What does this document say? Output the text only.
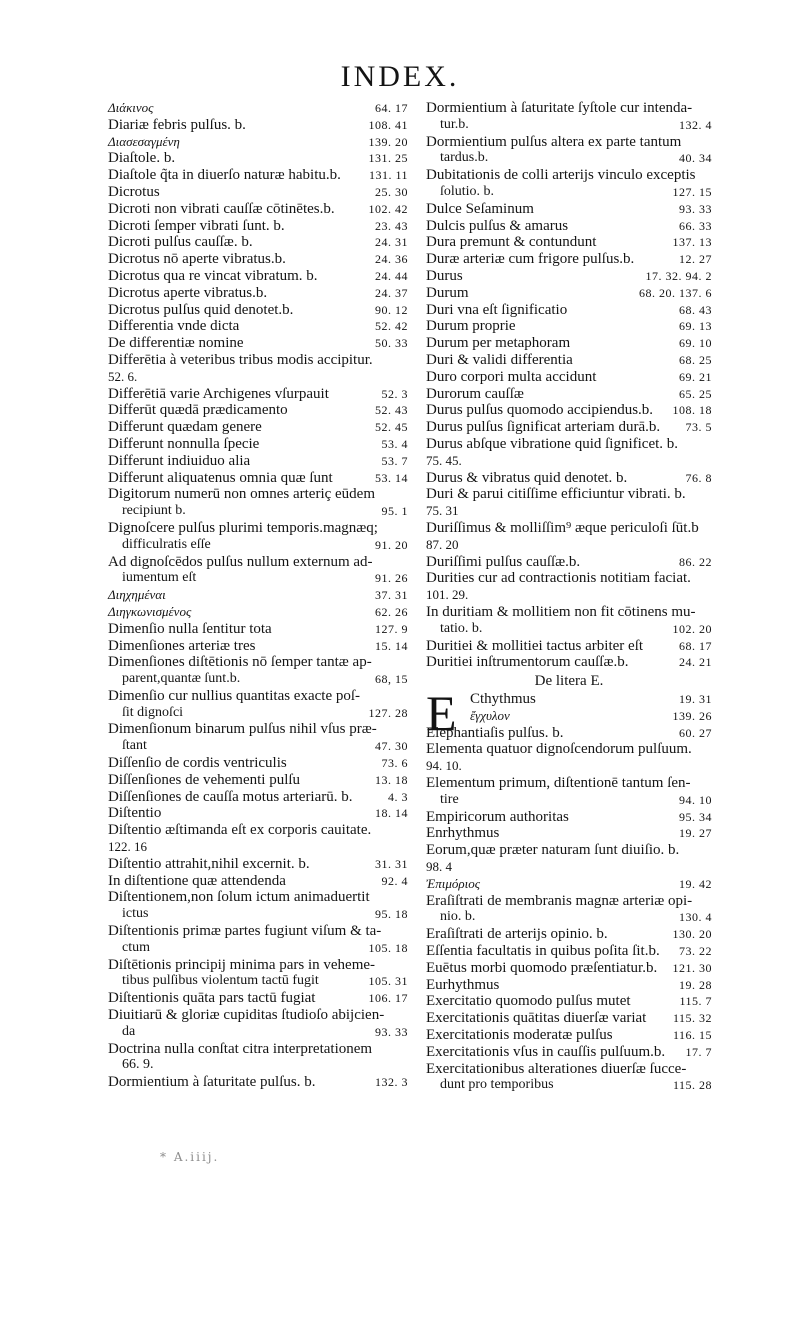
INDEX.
Διάκινος	64. 17
Diariæ febris pulſus. b.	108. 41
Διασεσαγμένη	139. 20
Diaſtole. b.	131. 25
Diaſtole q̃ta in diuerſo naturæ habitu.b. 131. 11
Dicrotus	25. 30
Dicroti non vibrati cauſſæ cōtinētes.b.	102. 42
Dicroti ſemper vibrati ſunt. b.	23. 43
Dicroti pulſus cauſſæ. b.	24. 31
Dicrotus nō aperte vibratus.b.	24. 36
Dicrotus qua re vincat vibratum. b.	24. 44
Dicrotus aperte vibratus.b.	24. 37
Dicrotus pulſus quid denotet.b.	90. 12
Differentia vnde dicta	52. 42
De differentiæ nomine	50. 33
Differētia à veteribus tribus modis accipitur.
52. 6.
Differētiā varie Archigenes vſurpauit	52. 3
Differūt quædā prædicamento	52. 43
Differunt quædam genere	52. 45
Differunt nonnulla ſpecie	53. 4
Differunt indiuiduo alia	53. 7
Differunt aliquatenus omnia quæ ſunt	53. 14
Digitorum numerū non omnes arteriç eūdem
recipiunt b.	95. 1
Dignoſcere pulſus plurimi temporis.magnæq;
difficulratis eſſe	91. 20
Ad dignoſcēdos pulſus nullum externum ad-
iumentum eſt	91. 26
Διηχημέναι	37. 31
Διηγκωνισμένος	62. 26
Dimenſio nulla ſentitur tota	127. 9
Dimenſiones arteriæ tres	15. 14
Dimenſiones diſtētionis nō ſemper tantæ ap-
parent,quantæ ſunt.b.	68, 15
Dimenſio cur nullius quantitas exacte poſ-
ſit dignoſci	127. 28
Dimenſionum binarum pulſus nihil vſus præ-
ſtant	47. 30
Diſſenſio de cordis ventriculis	73. 6
Diſſenſiones de vehementi pulſu	13. 18
Diſſenſiones de cauſſa motus arteriarū. b.	4. 3
Diſtentio	18. 14
Diſtentio æſtimanda eſt ex corporis cauitate.
122. 16
Diſtentio attrahit,nihil excernit. b.	31. 31
In diſtentione quæ attendenda	92. 4
Diſtentionem,non ſolum ictum animaduertit
ictus	95. 18
Diſtentionis primæ partes fugiunt viſum & ta-
ctum	105. 18
Diſtētionis principij minima pars in veheme-
tibus pulſibus violentum tactū fugit	105. 31
Diſtentionis quāta pars tactū fugiat	106. 17
Diuitiarū & gloriæ cupiditas ſtudioſo abijcien-
da	93. 33
Doctrina nulla conſtat citra interpretationem
66. 9.
Dormientium à ſaturitate pulſus. b.	132. 3
Dormientium à ſaturitate ſyſtole cur intenda-
tur.b.	132. 4
Dormientium pulſus altera ex parte tantum
tardus.b.	40. 34
Dubitationis de colli arterijs vinculo exceptis
ſolutio. b.	127. 15
Dulce Seſaminum	93. 33
Dulcis pulſus & amarus	66. 33
Dura premunt & contundunt	137. 13
Duræ arteriæ cum frigore pulſus.b.	12. 27
Durus	17. 32. 94. 2
Durum	68. 20. 137. 6
Duri vna eſt ſignificatio	68. 43
Durum proprie	69. 13
Durum per metaphoram	69. 10
Duri & validi differentia	68. 25
Duro corpori multa accidunt	69. 21
Durorum cauſſæ	65. 25
Durus pulſus quomodo accipiendus.b. 108. 18
Durus pulſus ſignificat arteriam durā.b. 73. 5
Durus abſque vibratione quid ſignificet. b.
75. 45.
Durus & vibratus quid denotet. b.	76. 8
Duri & parui citiſſime efficiuntur vibrati. b.
75. 31
Duriſſimus & molliſſim⁹ æque periculoſi ſūt.b
87. 20
Duriſſimi pulſus cauſſæ.b.	86. 22
Durities cur ad contractionis notitiam faciat.
101. 29.
In duritiam & mollitiem non fit cōtinens mu-
tatio. b.	102. 20
Duritiei & mollitiei tactus arbiter eſt	68. 17
Duritiei inſtrumentorum cauſſæ.b.	24. 21
De litera E.
E Cthythmus	19. 31
ἔγχυλον	139. 26
Elephantiaſis pulſus. b.	60. 27
Elementa quatuor dignoſcendorum pulſuum.
94. 10.
Elementum primum, diſtentionē tantum ſen-
tire	94. 10
Empiricorum authoritas	95. 34
Enrhythmus	19. 27
Eorum,quæ præter naturam ſunt diuiſio. b.
98. 4
Ἐπιμόριος	19. 42
Eraſiſtrati de membranis magnæ arteriæ opi-
nio. b.	130. 4
Eraſiſtrati de arterijs opinio. b.	130. 20
Eſſentia facultatis in quibus poſita ſit.b. 73. 22
Euētus morbi quomodo præſentiatur.b. 121. 30
Eurhythmus	19. 28
Exercitatio quomodo pulſus mutet	115. 7
Exercitationis quātitas diuerſæ variat 115. 32
Exercitationis moderatæ pulſus	116. 15
Exercitationis vſus in cauſſis pulſuum.b. 17. 7
Exercitationibus alterationes diuerſæ ſucce-
dunt pro temporibus	115. 28
* A.iiij.
